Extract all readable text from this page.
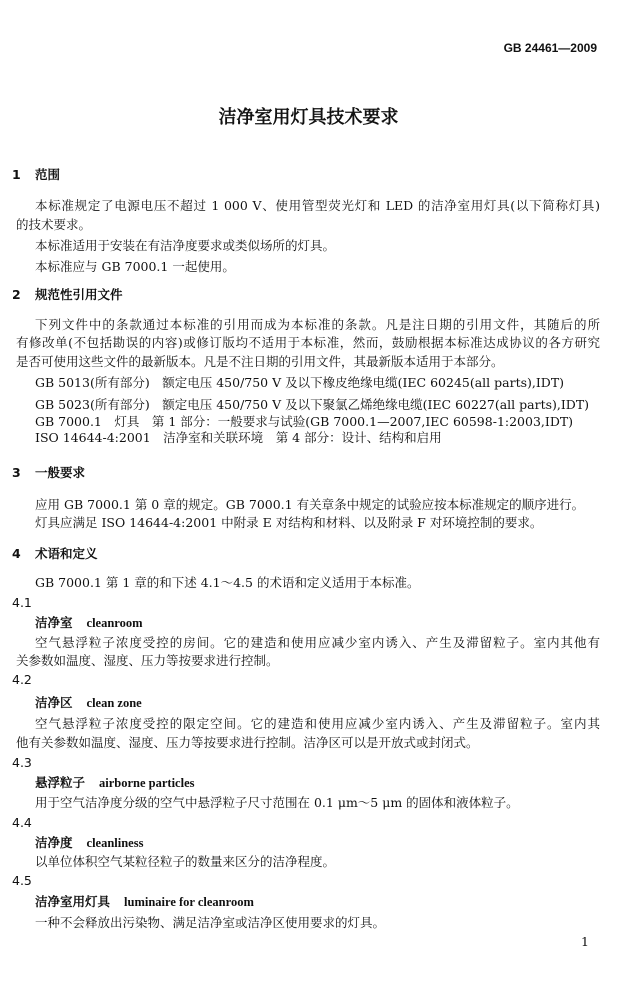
GB 24461—2009
洁净室用灯具技术要求
1 范围
本标准规定了电源电压不超过 1 000 V、使用管型荧光灯和 LED 的洁净室用灯具(以下简称灯具)
的技术要求。
本标准适用于安装在有洁净度要求或类似场所的灯具。
本标准应与 GB 7000.1 一起使用。
2 规范性引用文件
下列文件中的条款通过本标准的引用而成为本标准的条款。凡是注日期的引用文件，其随后的所
有修改单(不包括勘误的内容)或修订版均不适用于本标准，然而，鼓励根据本标准达成协议的各方研究
是否可使用这些文件的最新版本。凡是不注日期的引用文件，其最新版本适用于本部分。
GB 5013(所有部分)　 额定电压 450/750 V 及以下橡皮绝缘电缆(IEC 60245(all parts),IDT)
GB 5023(所有部分)　 额定电压 450/750 V 及以下聚氯乙烯绝缘电缆(IEC 60227(all parts),IDT)
GB 7000.1　灯具　 第 1 部分：一般要求与试验(GB 7000.1—2007,IEC 60598-1:2003,IDT)
ISO 14644-4:2001　洁净室和关联环境　 第 4 部分：设计、结构和启用
3 一般要求
应用 GB 7000.1 第 0 章的规定。GB 7000.1 有关章条中规定的试验应按本标准规定的顺序进行。
灯具应满足 ISO 14644-4:2001 中附录 E 对结构和材料、以及附录 F 对环境控制的要求。
4 术语和定义
GB 7000.1 第 1 章的和下述 4.1～4.5 的术语和定义适用于本标准。
4.1
洁净室 cleanroom
空气悬浮粒子浓度受控的房间。它的建造和使用应减少室内诱入、产生及滞留粒子。室内其他有
关参数如温度、湿度、压力等按要求进行控制。
4.2
洁净区 clean zone
空气悬浮粒子浓度受控的限定空间。它的建造和使用应减少室内诱入、产生及滞留粒子。室内其
他有关参数如温度、湿度、压力等按要求进行控制。洁净区可以是开放式或封闭式。
4.3
悬浮粒子 airborne particles
用于空气洁净度分级的空气中悬浮粒子尺寸范围在 0.1 μm～5 μm 的固体和液体粒子。
4.4
洁净度 cleanliness
以单位体积空气某粒径粒子的数量来区分的洁净程度。
4.5
洁净室用灯具 luminaire for cleanroom
一种不会释放出污染物、满足洁净室或洁净区使用要求的灯具。
1
